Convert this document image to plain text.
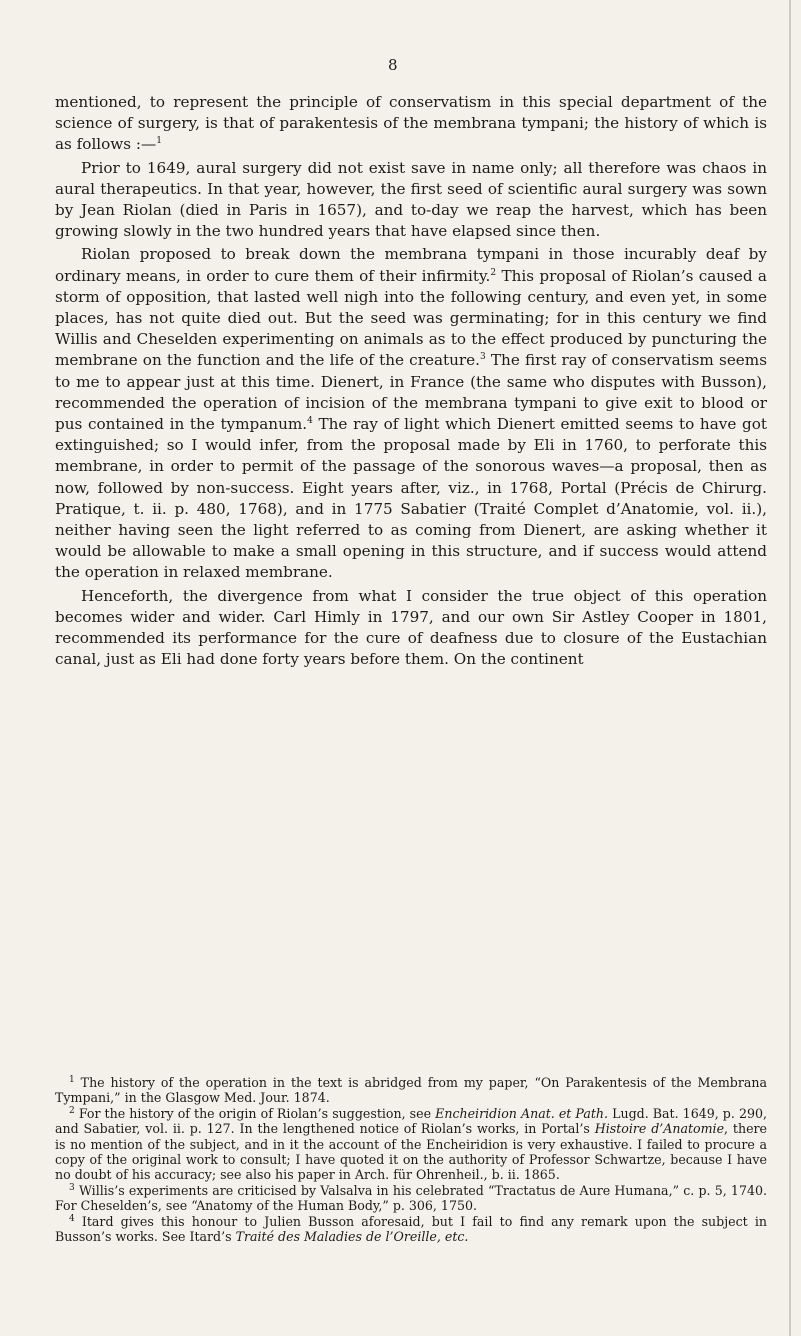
8

mentioned, to represent the principle of conservatism in this special department of the science of surgery, is that of parakentesis of the membrana tympani; the history of which is as follows :—$^1$

Prior to 1649, aural surgery did not exist save in name only; all therefore was chaos in aural therapeutics. In that year, however, the first seed of scientific aural surgery was sown by Jean Riolan (died in Paris in 1657), and to-day we reap the harvest, which has been growing slowly in the two hundred years that have elapsed since then.

Riolan proposed to break down the membrana tympani in those incurably deaf by ordinary means, in order to cure them of their infirmity.$^2$ This proposal of Riolan’s caused a storm of opposition, that lasted well nigh into the following century, and even yet, in some places, has not quite died out. But the seed was germinating; for in this century we find Willis and Cheselden experimenting on animals as to the effect produced by puncturing the membrane on the function and the life of the creature.$^3$ The first ray of conservatism seems to me to appear just at this time. Dienert, in France (the same who disputes with Busson), recommended the operation of incision of the membrana tympani to give exit to blood or pus contained in the tympanum.$^4$ The ray of light which Dienert emitted seems to have got extinguished; so I would infer, from the proposal made by Eli in 1760, to perforate this membrane, in order to permit of the passage of the sonorous waves—a proposal, then as now, followed by non-success. Eight years after, viz., in 1768, Portal (Précis de Chirurg. Pratique, t. ii. p. 480, 1768), and in 1775 Sabatier (Traité Complet d’Anatomie, vol. ii.), neither having seen the light referred to as coming from Dienert, are asking whether it would be allowable to make a small opening in this structure, and if success would attend the operation in relaxed membrane.

Henceforth, the divergence from what I consider the true object of this operation becomes wider and wider. Carl Himly in 1797, and our own Sir Astley Cooper in 1801, recommended its performance for the cure of deafness due to closure of the Eustachian canal, just as Eli had done forty years before them. On the continent

$^1$ The history of the operation in the text is abridged from my paper, “On Parakentesis of the Membrana Tympani,” in the Glasgow Med. Jour. 1874.

$^2$ For the history of the origin of Riolan’s suggestion, see Encheiridion Anat. et Path. Lugd. Bat. 1649, p. 290, and Sabatier, vol. ii. p. 127. In the lengthened notice of Riolan’s works, in Portal’s Histoire d’Anatomie, there is no mention of the subject, and in it the account of the Encheiridion is very exhaustive. I failed to procure a copy of the original work to consult; I have quoted it on the authority of Professor Schwartze, because I have no doubt of his accuracy; see also his paper in Arch. für Ohrenheil., b. ii. 1865.

$^3$ Willis’s experiments are criticised by Valsalva in his celebrated “Tractatus de Aure Humana,” c. p. 5, 1740. For Cheselden’s, see “Anatomy of the Human Body,” p. 306, 1750.

$^4$ Itard gives this honour to Julien Busson aforesaid, but I fail to find any remark upon the subject in Busson’s works. See Itard’s Traité des Maladies de l’Oreille, etc.
